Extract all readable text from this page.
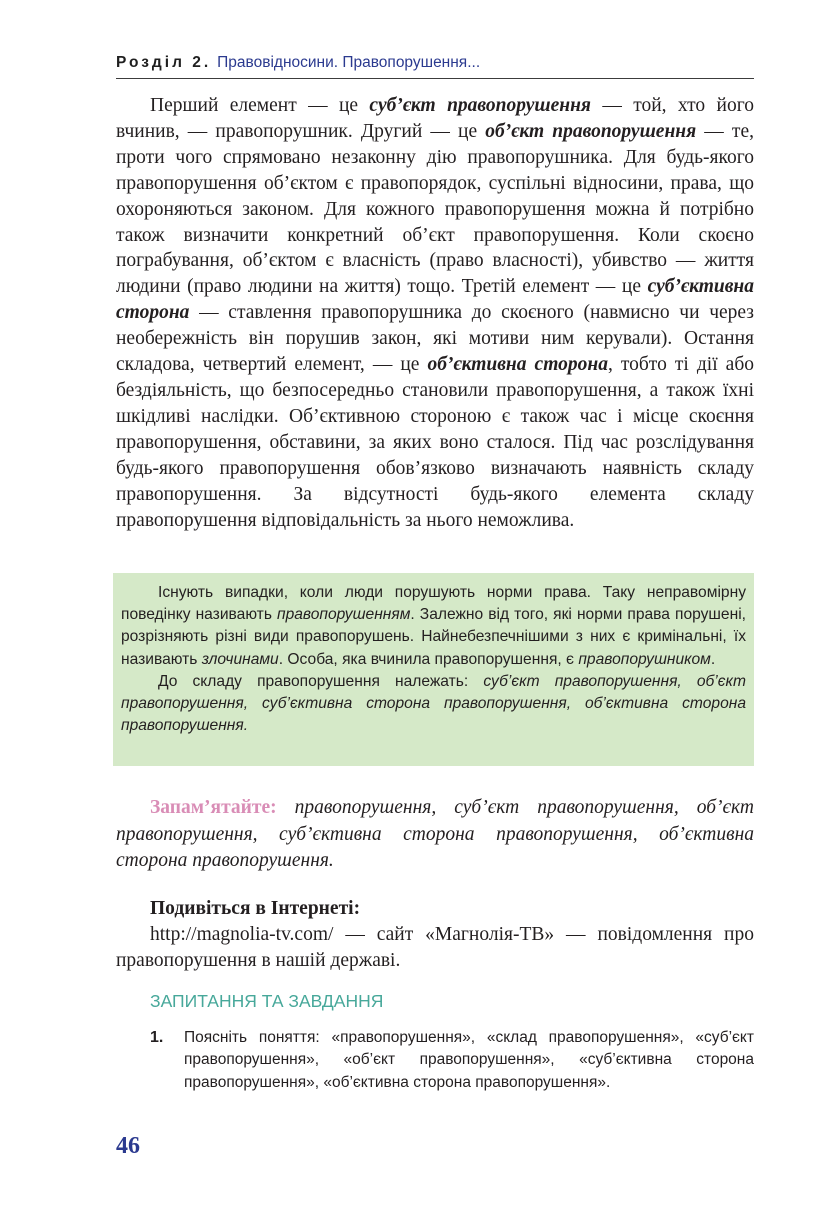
Розділ 2. Правовідносини. Правопорушення...

Перший елемент — це суб’єкт правопорушення — той, хто його вчинив, — правопорушник. Другий — це об’єкт правопорушення — те, проти чого спрямовано незаконну дію правопорушника. Для будь-якого правопорушення об’єктом є правопорядок, суспільні відносини, права, що охороняються законом. Для кожного правопорушення можна й потрібно також визначити конкретний об’єкт правопорушення. Коли скоєно пограбування, об’єктом є власність (право власності), убивство — життя людини (право людини на життя) тощо. Третій елемент — це суб’єктивна сторона — ставлення правопорушника до скоєного (навмисно чи через необережність він порушив закон, які мотиви ним керували). Остання складова, четвертий елемент, — це об’єктивна сторона, тобто ті дії або бездіяльність, що безпосередньо становили правопорушення, а також їхні шкідливі наслідки. Об’єктивною стороною є також час і місце скоєння правопорушення, обставини, за яких воно сталося. Під час розслідування будь-якого правопорушення обов’язково визначають наявність складу правопорушення. За відсутності будь-якого елемента складу правопорушення відповідальність за нього неможлива.

Існують випадки, коли люди порушують норми права. Таку неправомірну поведінку називають правопорушенням. Залежно від того, які норми права порушені, розрізняють різні види правопорушень. Найнебезпечнішими з них є кримінальні, їх називають злочинами. Особа, яка вчинила правопорушення, є правопорушником.

До складу правопорушення належать: суб’єкт правопорушення, об’єкт правопорушення, суб’єктивна сторона правопорушення, об’єктивна сторона правопорушення.

Запам’ятайте: правопорушення, суб’єкт правопорушення, об’єкт правопорушення, суб’єктивна сторона правопорушення, об’єктивна сторона правопорушення.

Подивіться в Інтернеті:
http://magnolia-tv.com/ — сайт «Магнолія-ТВ» — повідомлення про правопорушення в нашій державі.

ЗАПИТАННЯ ТА ЗАВДАННЯ
1. Поясніть поняття: «правопорушення», «склад правопорушення», «суб’єкт правопорушення», «об’єкт правопорушення», «суб’єктивна сторона правопорушення», «об’єктивна сторона правопорушення».
46
